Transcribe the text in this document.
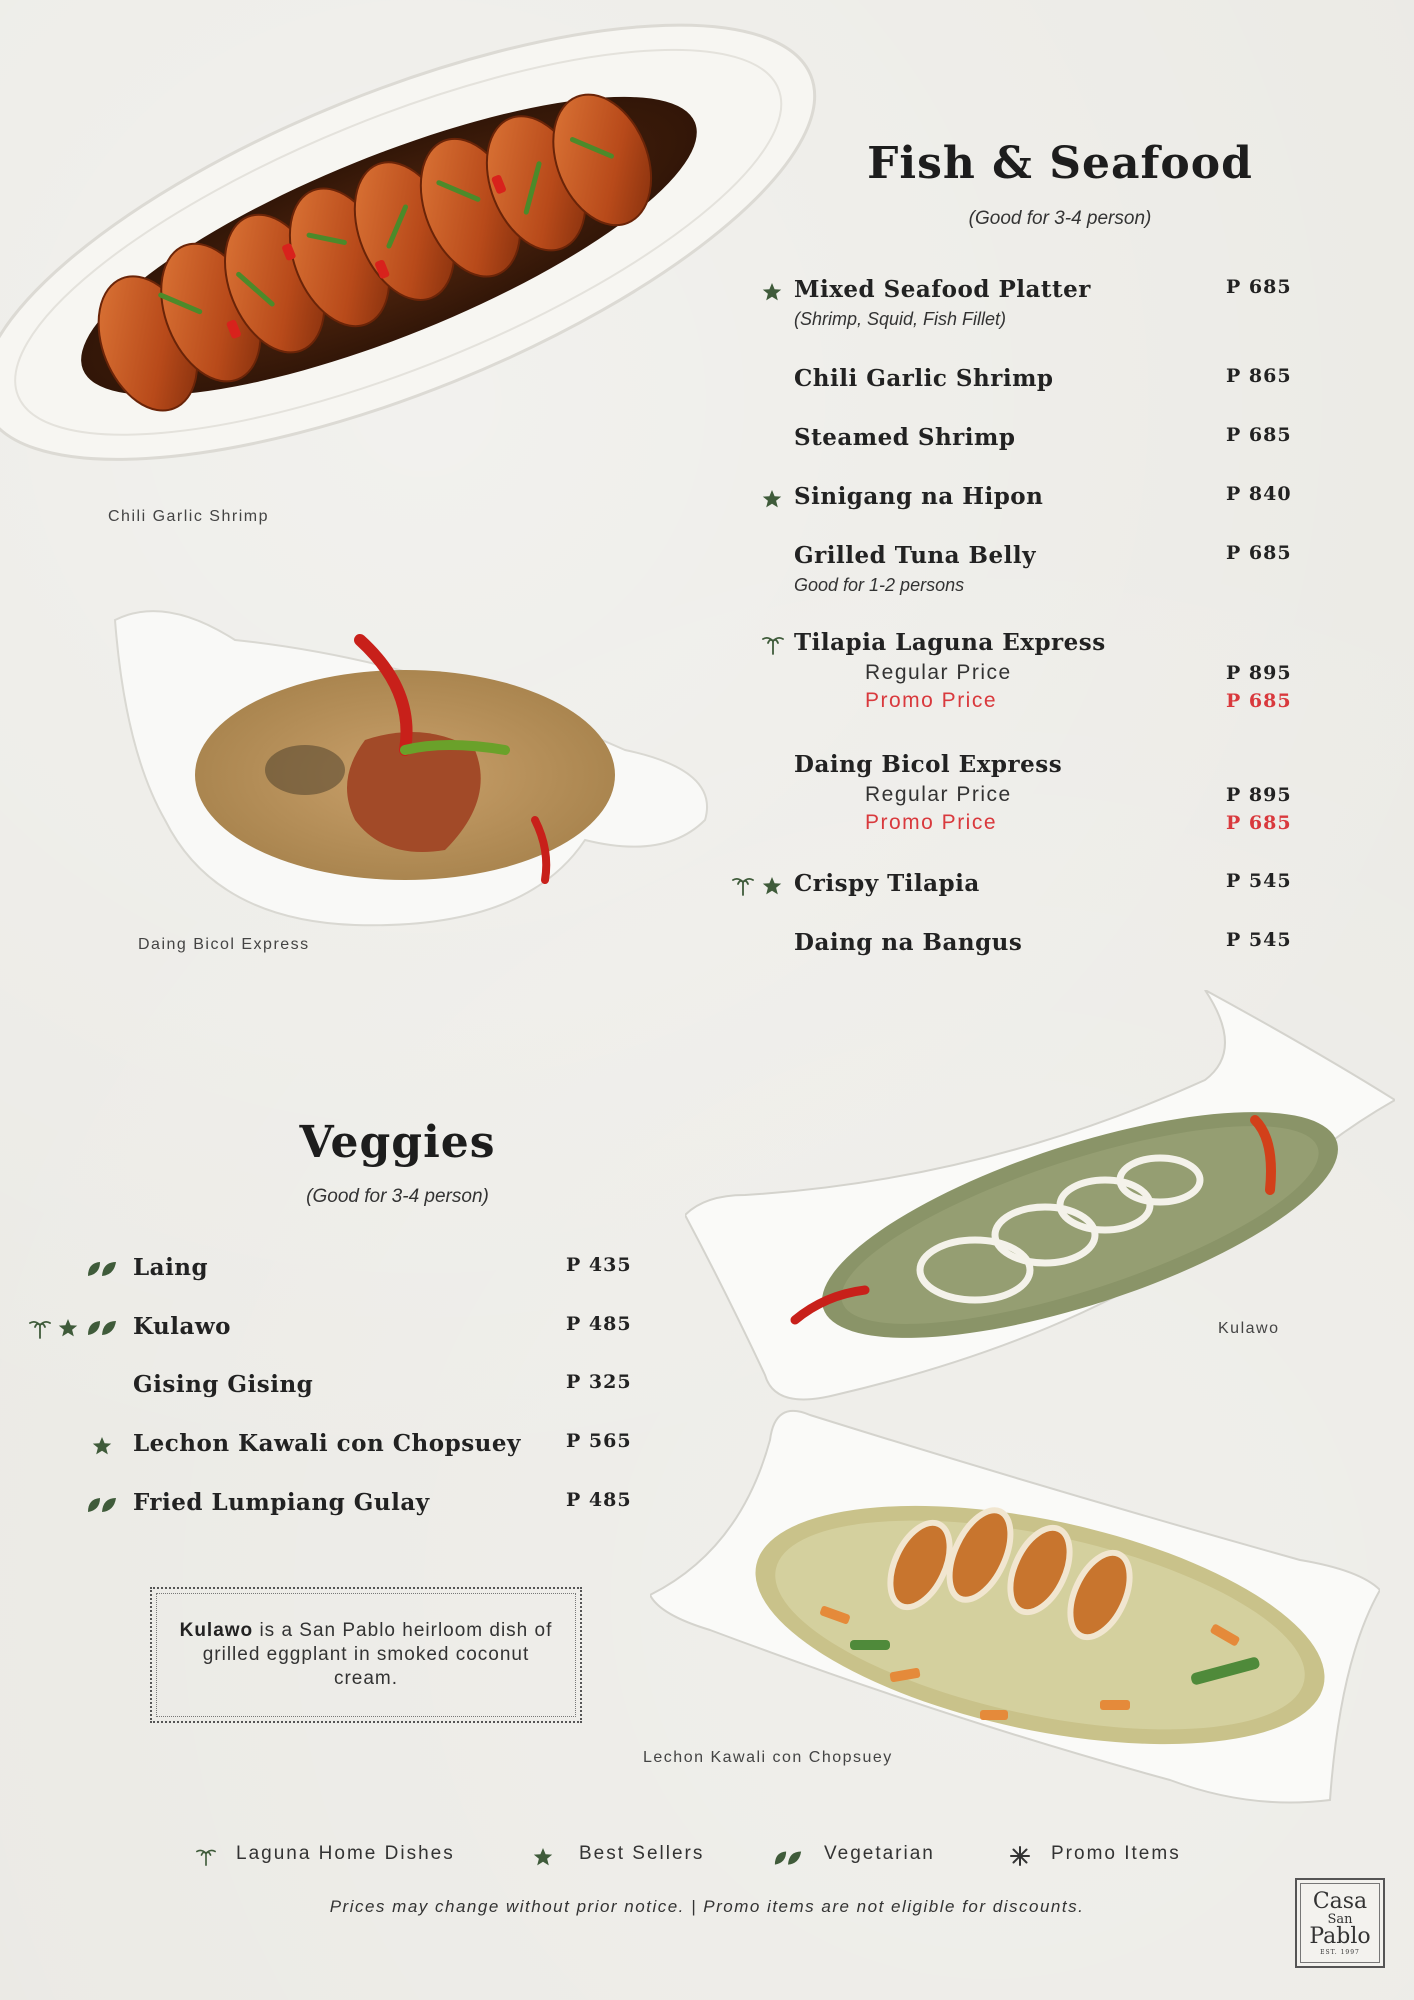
Chili Garlic Shrimp
Daing Bicol Express
Kulawo
Lechon Kawali con Chopsuey
Fish & Seafood
(Good for 3-4 person)
Mixed Seafood Platter	P 685
(Shrimp, Squid, Fish Fillet)
Chili Garlic Shrimp	P 865
Steamed Shrimp	P 685
Sinigang na Hipon	P 840
Grilled Tuna Belly	P 685
Good for 1-2 persons
Tilapia Laguna Express
Regular Price	P 895
Promo Price	P 685
Daing Bicol Express
Regular Price	P 895
Promo Price	P 685
Crispy Tilapia	P 545
Daing na Bangus	P 545
Veggies
(Good for 3-4 person)
Laing	P 435
Kulawo	P 485
Gising Gising	P 325
Lechon Kawali con Chopsuey P 565
Fried Lumpiang Gulay	P 485

Kulawo is a San Pablo heirloom dish of grilled eggplant in smoked coconut cream.

Laguna Home Dishes	Best Sellers	Vegetarian	Promo Items
Prices may change without prior notice. | Promo items are not eligible for discounts.	Casa
San
Pablo
EST. 1997
